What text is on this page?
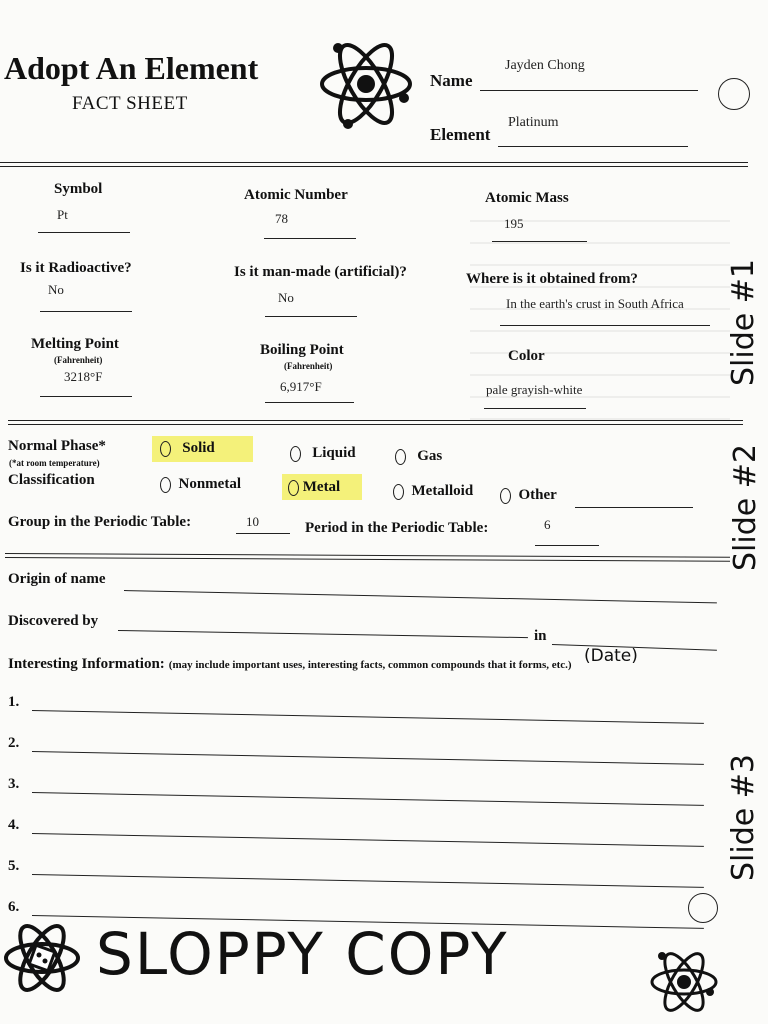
Adopt An Element
FACT SHEET
Name
Jayden Chong
Element
Platinum
Symbol
Pt
Atomic Number
78
Atomic Mass
195
Is it Radioactive?
No
Is it man-made (artificial)?
No
Where is it obtained from?
In the earth's crust in South Africa
Melting Point
(Fahrenheit)
3218°F
Boiling Point
(Fahrenheit)
6,917°F
Color
pale grayish-white
Normal Phase*
(*at room temperature)
Solid	Liquid	Gas
Classification	Nonmetal	Metal	Metalloid	Other
Group in the Periodic Table:	10	Period in the Periodic Table:	6
Origin of name
Discovered by
in
(Date)
Interesting Information: (may include important uses, interesting facts, common compounds that it forms, etc.)
1.
2.
3.
4.
5.
6.
Slide #1
Slide #2
Slide #3
SLOPPY COPY
